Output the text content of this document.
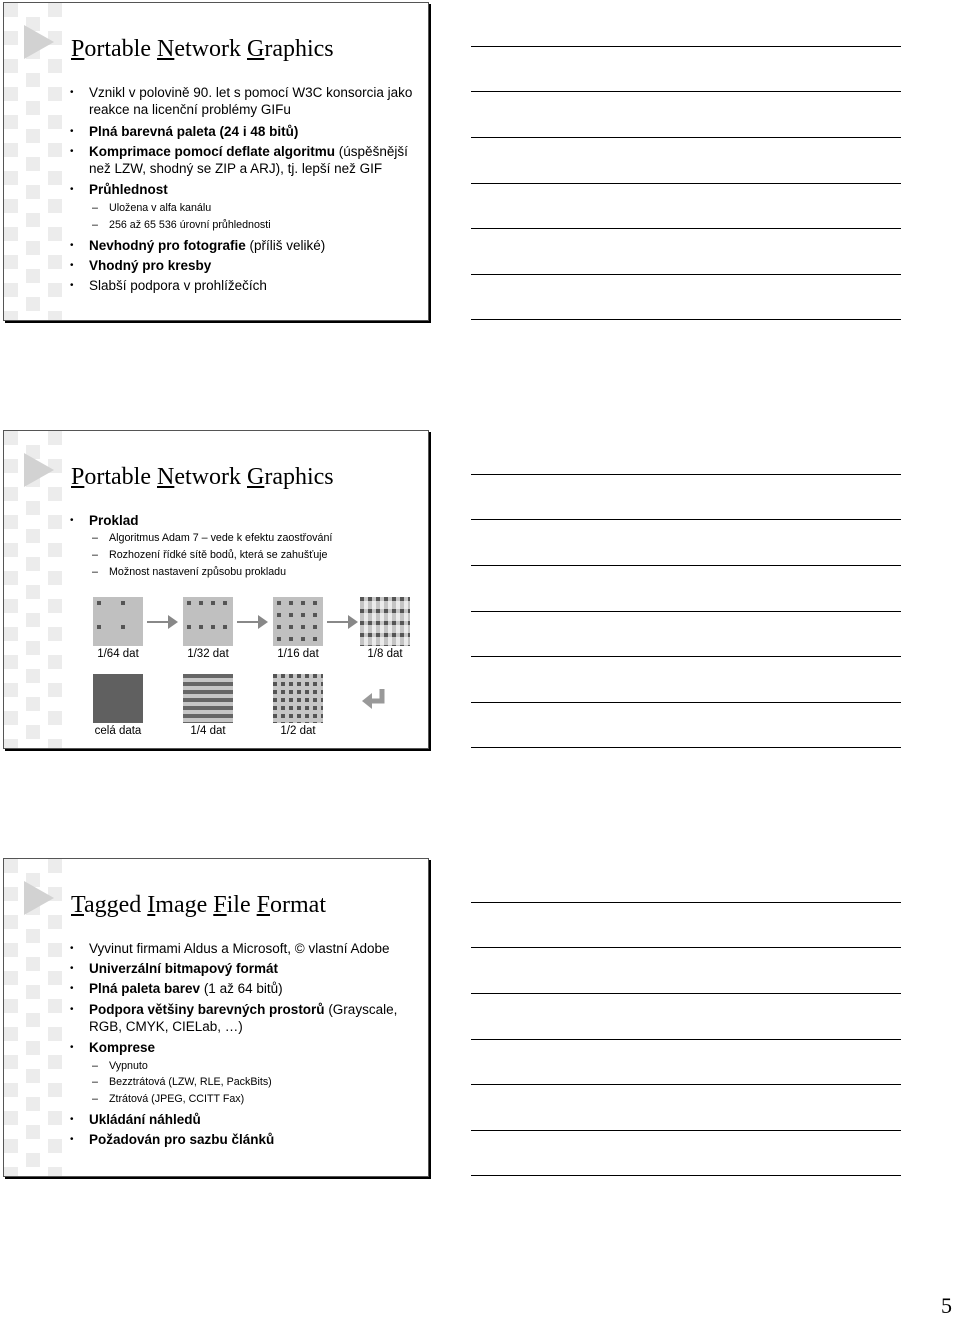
Portable Network Graphics
• Vznikl v polovině 90. let s pomocí W3C konsorcia jako reakce na licenční problémy GIFu
• Plná barevná paleta (24 i 48 bitů)
• Komprimace pomocí deflate algoritmu (úspěšnější než LZW, shodný se ZIP a ARJ), tj. lepší než GIF
• Průhlednost
– Uložena v alfa kanálu
– 256 až 65 536 úrovní průhlednosti
• Nevhodný pro fotografie (příliš veliké)
• Vhodný pro kresby
• Slabší podpora v prohlížečích
Portable Network Graphics
• Proklad
– Algoritmus Adam 7 – vede k efektu zaostřování
– Rozhození řídké sítě bodů, která se zahušťuje
– Možnost nastavení způsobu prokladu
1/64 dat	1/32 dat	1/16 dat	1/8 dat
celá data	1/4 dat	1/2 dat
Tagged Image File Format
• Vyvinut firmami Aldus a Microsoft, © vlastní Adobe
• Univerzální bitmapový formát
• Plná paleta barev (1 až 64 bitů)
• Podpora většiny barevných prostorů (Grayscale, RGB, CMYK, CIELab, …)
• Komprese
– Vypnuto
– Bezztrátová (LZW, RLE, PackBits)
– Ztrátová (JPEG, CCITT Fax)
• Ukládání náhledů
• Požadován pro sazbu článků
5
